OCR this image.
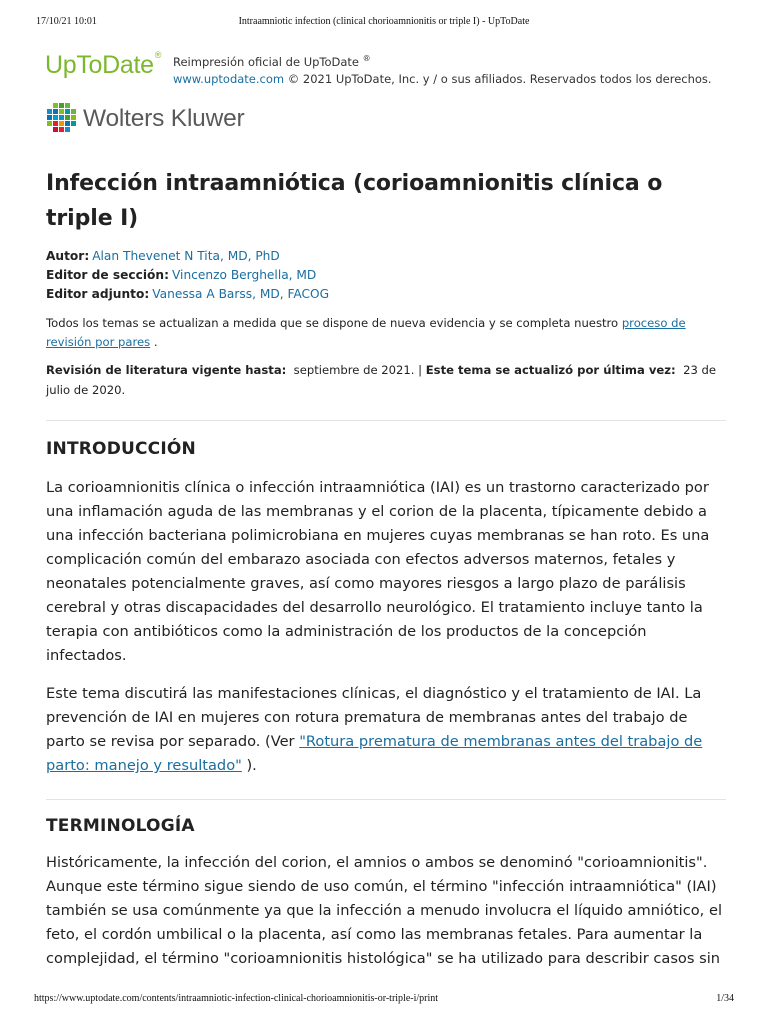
17/10/21 10:01	Intraamniotic infection (clinical chorioamnionitis or triple I) - UpToDate
UpToDate® Reimpresión oficial de UpToDate ®
www.uptodate.com © 2021 UpToDate, Inc. y / o sus afiliados. Reservados todos los derechos.
Wolters Kluwer
Infección intraamniótica (corioamnionitis clínica o triple I)
Autor: Alan Thevenet N Tita, MD, PhD
Editor de sección: Vincenzo Berghella, MD
Editor adjunto: Vanessa A Barss, MD, FACOG
Todos los temas se actualizan a medida que se dispone de nueva evidencia y se completa nuestro proceso de revisión por pares .
Revisión de literatura vigente hasta: septiembre de 2021. | Este tema se actualizó por última vez: 23 de julio de 2020.
INTRODUCCIÓN

La corioamnionitis clínica o infección intraamniótica (IAI) es un trastorno caracterizado por una inflamación aguda de las membranas y el corion de la placenta, típicamente debido a una infección bacteriana polimicrobiana en mujeres cuyas membranas se han roto. Es una complicación común del embarazo asociada con efectos adversos maternos, fetales y neonatales potencialmente graves, así como mayores riesgos a largo plazo de parálisis cerebral y otras discapacidades del desarrollo neurológico. El tratamiento incluye tanto la terapia con antibióticos como la administración de los productos de la concepción infectados.

Este tema discutirá las manifestaciones clínicas, el diagnóstico y el tratamiento de IAI. La prevención de IAI en mujeres con rotura prematura de membranas antes del trabajo de parto se revisa por separado. (Ver "Rotura prematura de membranas antes del trabajo de parto: manejo y resultado" ).

TERMINOLOGÍA

Históricamente, la infección del corion, el amnios o ambos se denominó "corioamnionitis". Aunque este término sigue siendo de uso común, el término "infección intraamniótica" (IAI) también se usa comúnmente ya que la infección a menudo involucra el líquido amniótico, el feto, el cordón umbilical o la placenta, así como las membranas fetales. Para aumentar la complejidad, el término "corioamnionitis histológica" se ha utilizado para describir casos sin

https://www.uptodate.com/contents/intraamniotic-infection-clinical-chorioamnionitis-or-triple-i/print	1/34
